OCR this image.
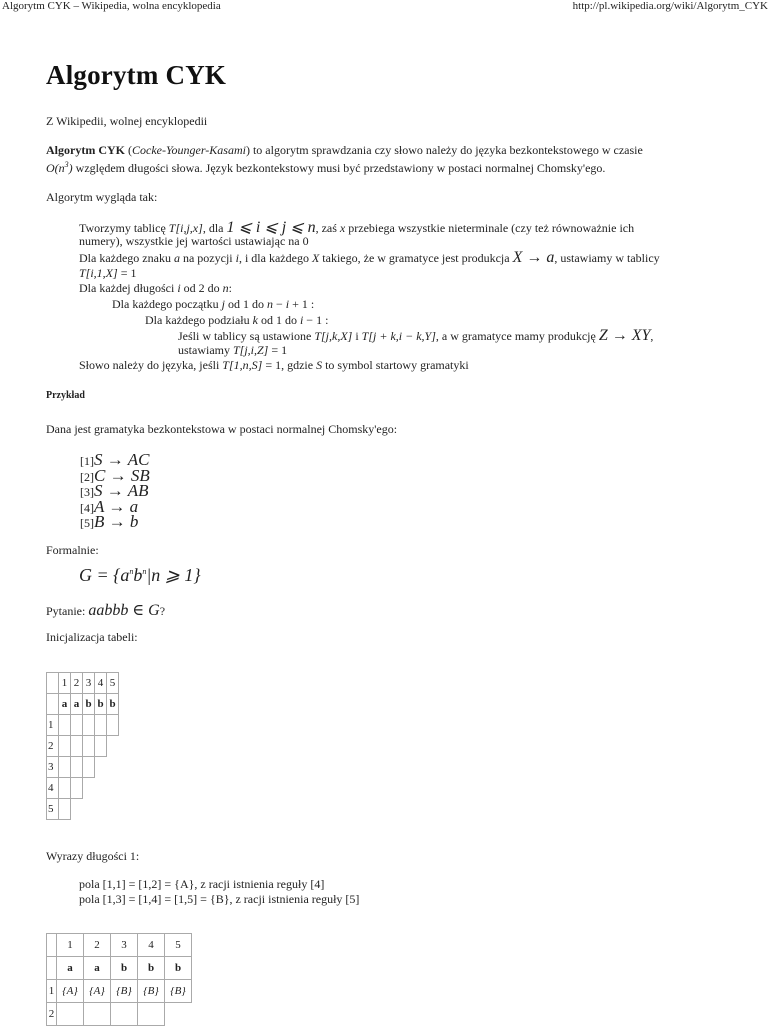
Algorytm CYK – Wikipedia, wolna encyklopedia	http://pl.wikipedia.org/wiki/Algorytm_CYK
Algorytm CYK
Z Wikipedii, wolnej encyklopedii
Algorytm CYK (Cocke-Younger-Kasami) to algorytm sprawdzania czy słowo należy do języka bezkontekstowego w czasie
$O(n^3)$ względem długości słowa. Język bezkontekstowy musi być przedstawiony w postaci normalnej Chomsky'ego.
Algorytm wygląda tak:
Tworzymy tablicę T[i,j,x], dla 1 ⩽ i ⩽ j ⩽ n, zaś x przebiega wszystkie nieterminale (czy też równoważnie ich
numery), wszystkie jej wartości ustawiając na 0
Dla każdego znaku a na pozycji i, i dla każdego X takiego, że w gramatyce jest produkcja X → a, ustawiamy w tablicy
T[i,1,X] = 1
Dla każdej długości i od 2 do n:
Dla każdego początku j od 1 do n − i + 1 :
Dla każdego podziału k od 1 do i − 1 :
Jeśli w tablicy są ustawione T[j,k,X] i T[j + k,i − k,Y], a w gramatyce mamy produkcję Z → XY,
ustawiamy T[j,i,Z] = 1
Słowo należy do języka, jeśli T[1,n,S] = 1, gdzie S to symbol startowy gramatyki
Przykład
Dana jest gramatyka bezkontekstowa w postaci normalnej Chomsky'ego:
[1]S → AC
[2]C → SB
[3]S → AB
[4]A → a
[5]B → b
Formalnie:
$G = \{a^nb^n|n$ ⩾ 1}
Pytanie: aabbb ∈ G?
Inicjalizacja tabeli:
	1	2	3	4	5
	a	a	b	b	b
1					
2					
3					
4					
5					
Wyrazy długości 1:
pola [1,1] = [1,2] = {A}, z racji istnienia reguły [4]
pola [1,3] = [1,4] = [1,5] = {B}, z racji istnienia reguły [5]
	1	2	3	4	5
	a	a	b	b	b
1	{A}	{A}	{B}	{B}	{B}
2					
